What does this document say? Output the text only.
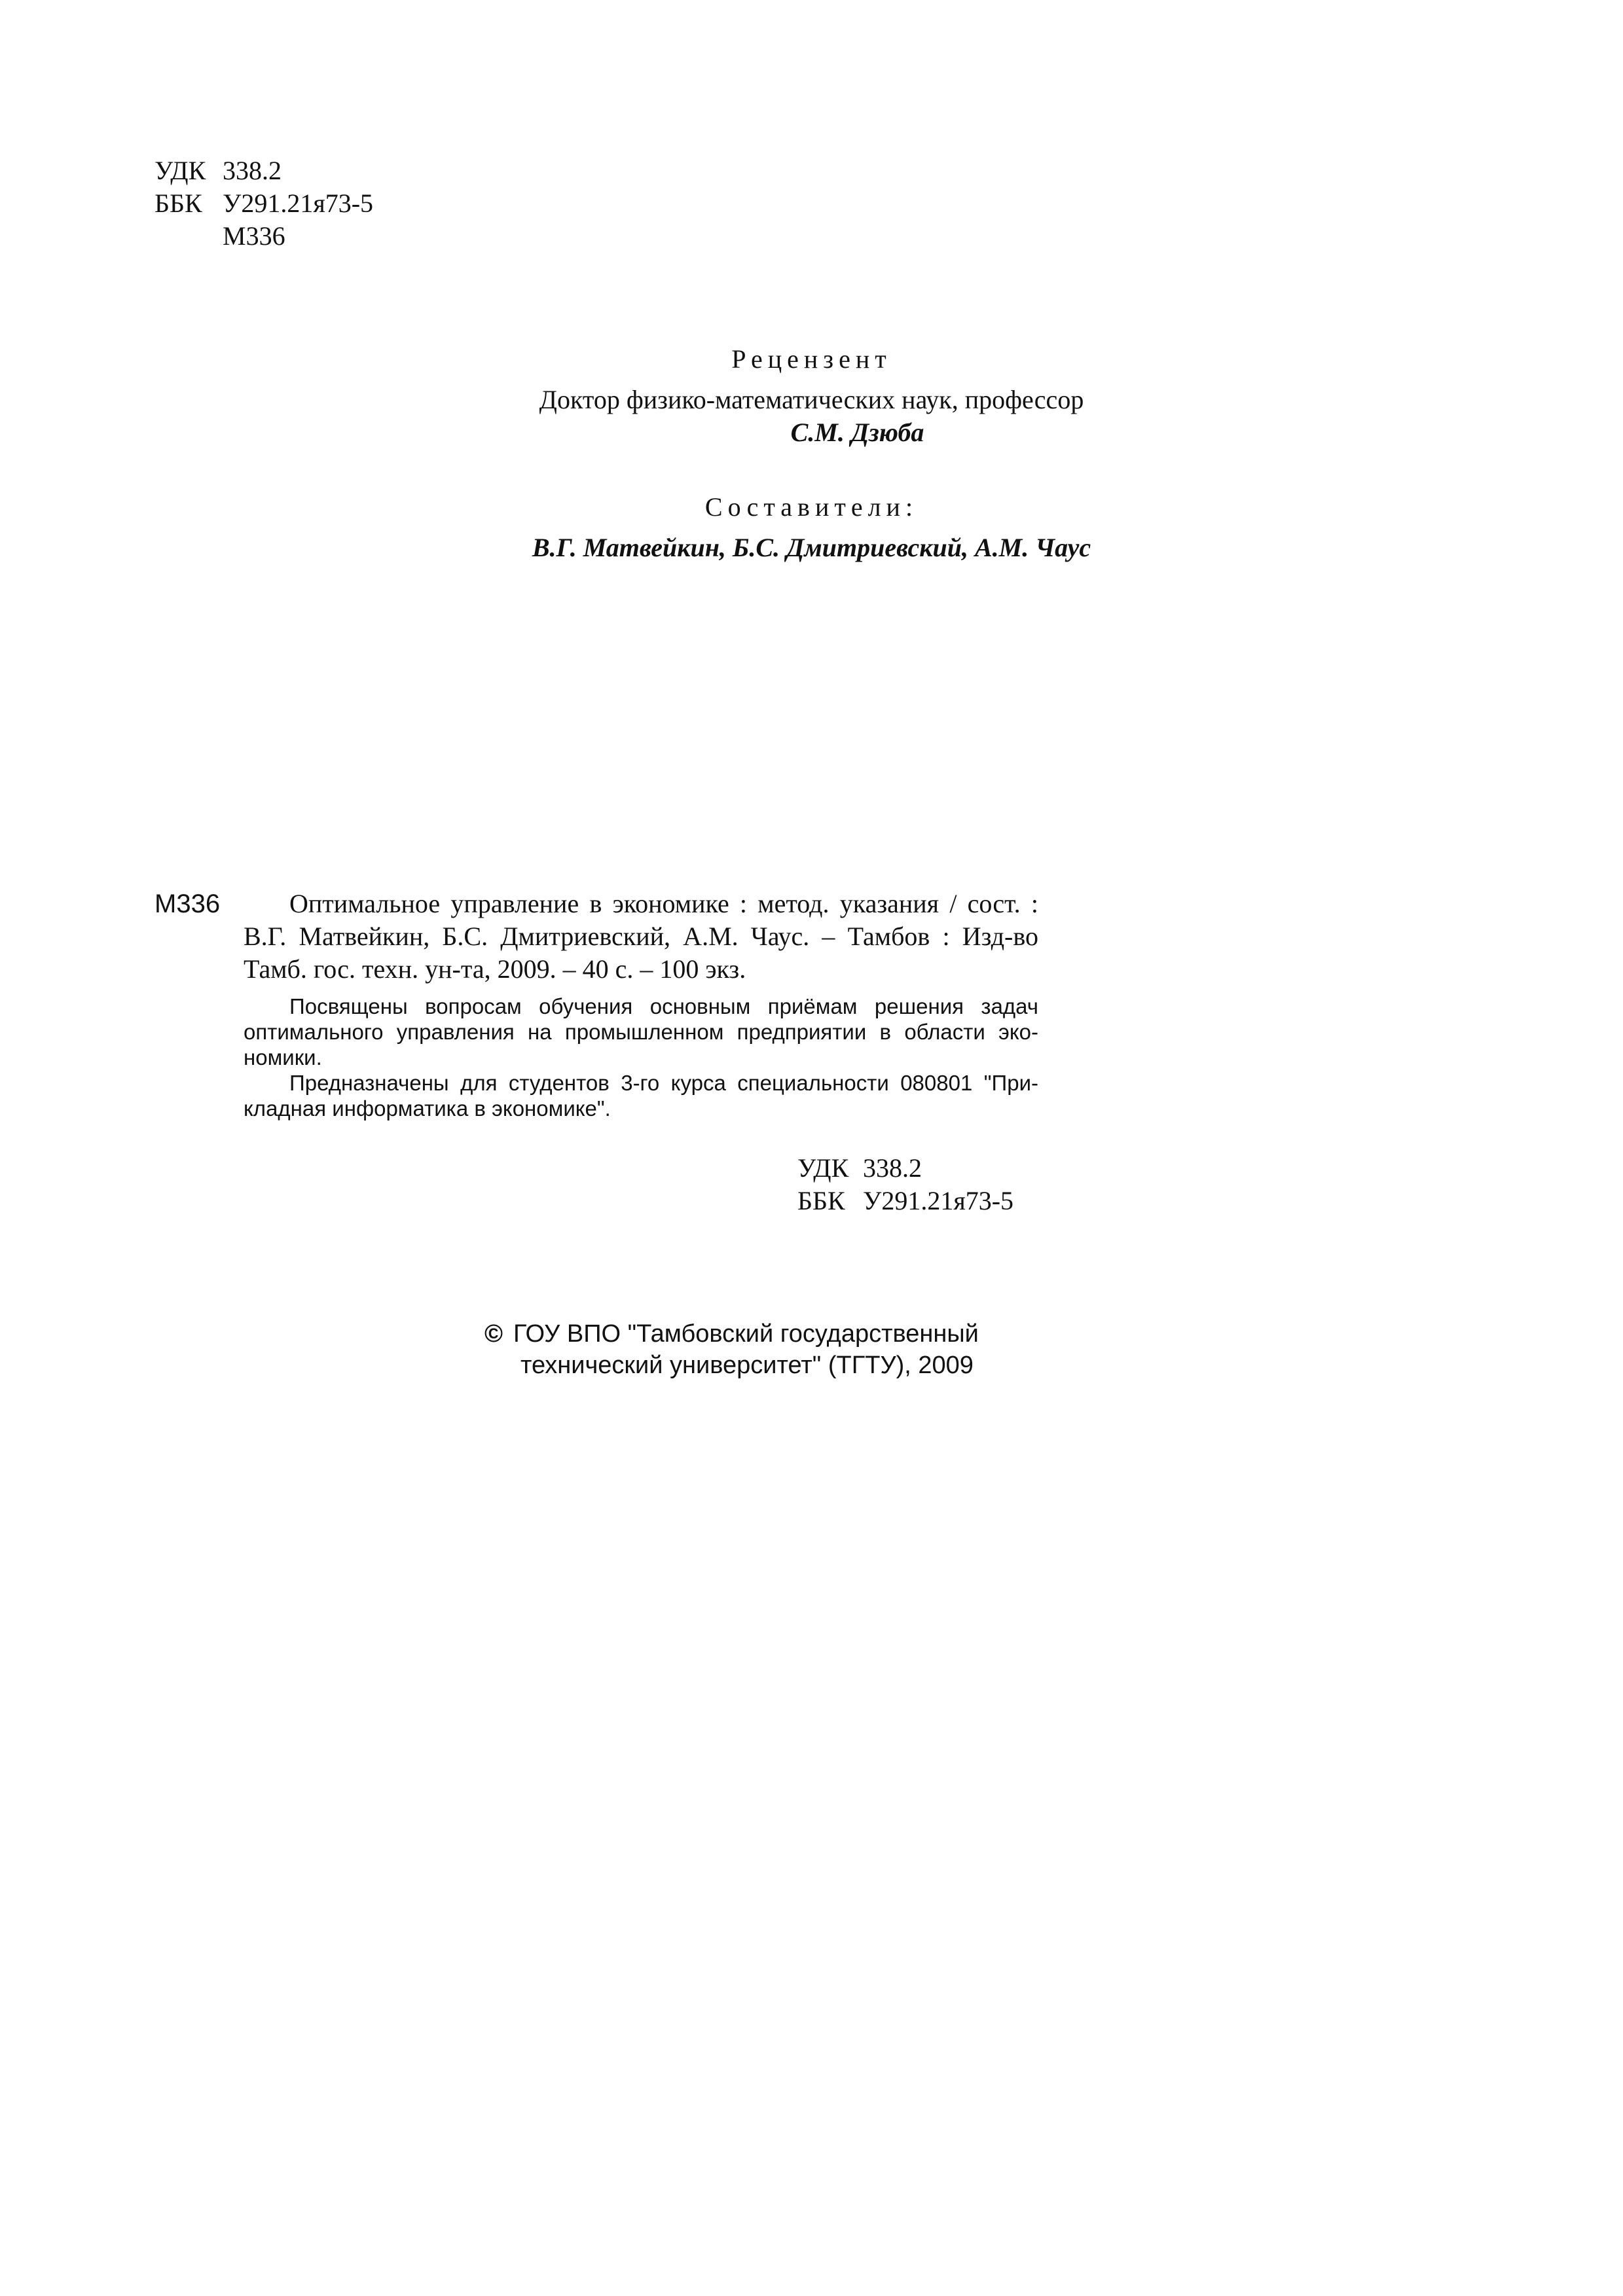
УДК 338.2
ББК У291.21я73-5
М336
Рецензент
Доктор физико-математических наук, профессор
С.М. Дзюба
Составители:
В.Г. Матвейкин, Б.С. Дмитриевский, А.М. Чаус
М336	Оптимальное управление в экономике : метод. указания / сост. :
В.Г. Матвейкин, Б.С. Дмитриевский, А.М. Чаус. – Тамбов : Изд-во
Тамб. гос. техн. ун-та, 2009. – 40 с. – 100 экз.
Посвящены вопросам обучения основным приёмам решения задач
оптимального управления на промышленном предприятии в области эко-
номики.
Предназначены для студентов 3-го курса специальности 080801 "При-
кладная информатика в экономике".
УДК 338.2
ББК У291.21я73-5
© ГОУ ВПО "Тамбовский государственный
технический университет" (ТГТУ), 2009
